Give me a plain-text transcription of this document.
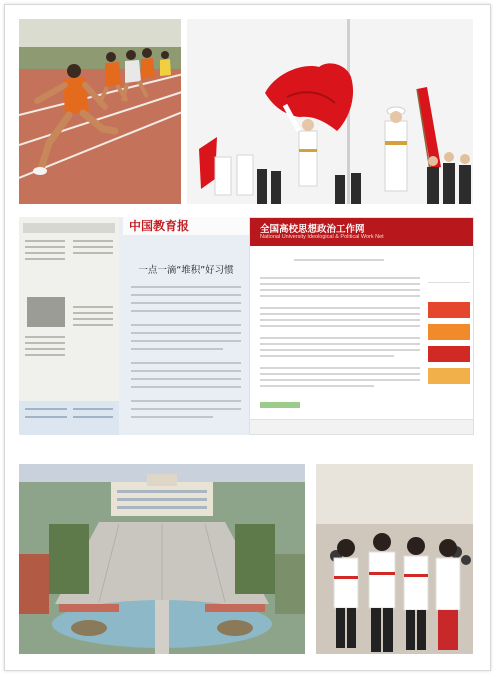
中国教育报
一点一滴“堆积”好习惯
全国高校思想政治工作网
National University Ideological & Political Work Net
